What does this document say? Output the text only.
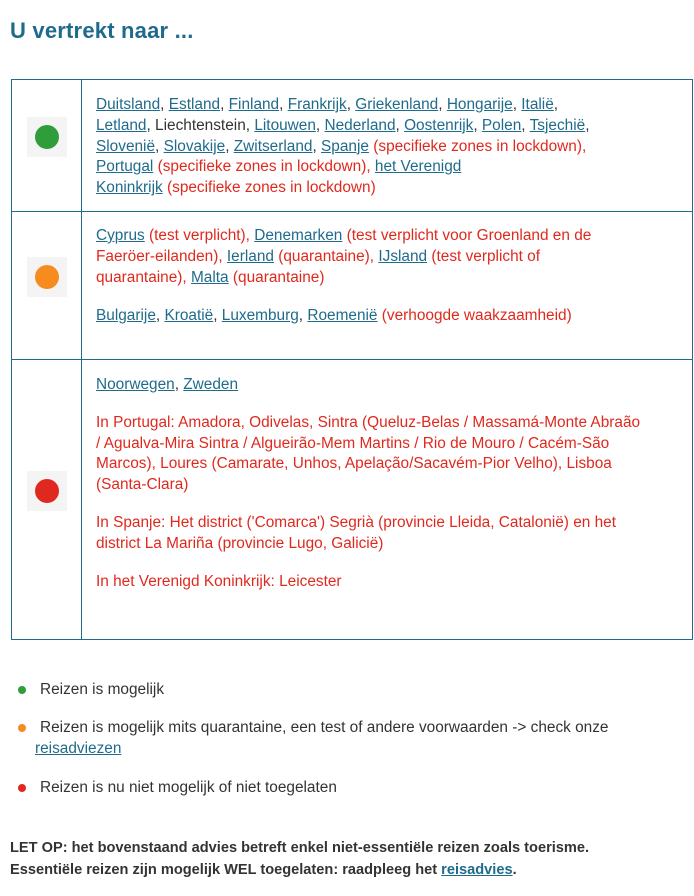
U vertrekt naar ...
Duitsland, Estland, Finland, Frankrijk, Griekenland, Hongarije, Italië,
Letland, Liechtenstein, Litouwen, Nederland, Oostenrijk, Polen, Tsjechië,
Slovenië, Slovakije, Zwitserland, Spanje (specifieke zones in lockdown),
Portugal (specifieke zones in lockdown), het Verenigd
Koninkrijk (specifieke zones in lockdown)

Cyprus (test verplicht), Denemarken (test verplicht voor Groenland en de
Faeröer-eilanden), Ierland (quarantaine), IJsland (test verplicht of
quarantaine), Malta (quarantaine)

Bulgarije, Kroatië, Luxemburg, Roemenië (verhoogde waakzaamheid)

Noorwegen, Zweden

In Portugal: Amadora, Odivelas, Sintra (Queluz-Belas / Massamá-Monte Abraão
/ Agualva-Mira Sintra / Algueirão-Mem Martins / Rio de Mouro / Cacém-São
Marcos), Loures (Camarate, Unhos, Apelação/Sacavém-Pior Velho), Lisboa
(Santa-Clara)

In Spanje: Het district ('Comarca') Segrià (provincie Lleida, Catalonië) en het
district La Mariña (provincie Lugo, Galicië)

In het Verenigd Koninkrijk: Leicester

Reizen is mogelijk
Reizen is mogelijk mits quarantaine, een test of andere voorwaarden -> check onze
reisadviezen
Reizen is nu niet mogelijk of niet toegelaten
LET OP: het bovenstaand advies betreft enkel niet-essentiële reizen zoals toerisme.
Essentiële reizen zijn mogelijk WEL toegelaten: raadpleeg het reisadvies.
